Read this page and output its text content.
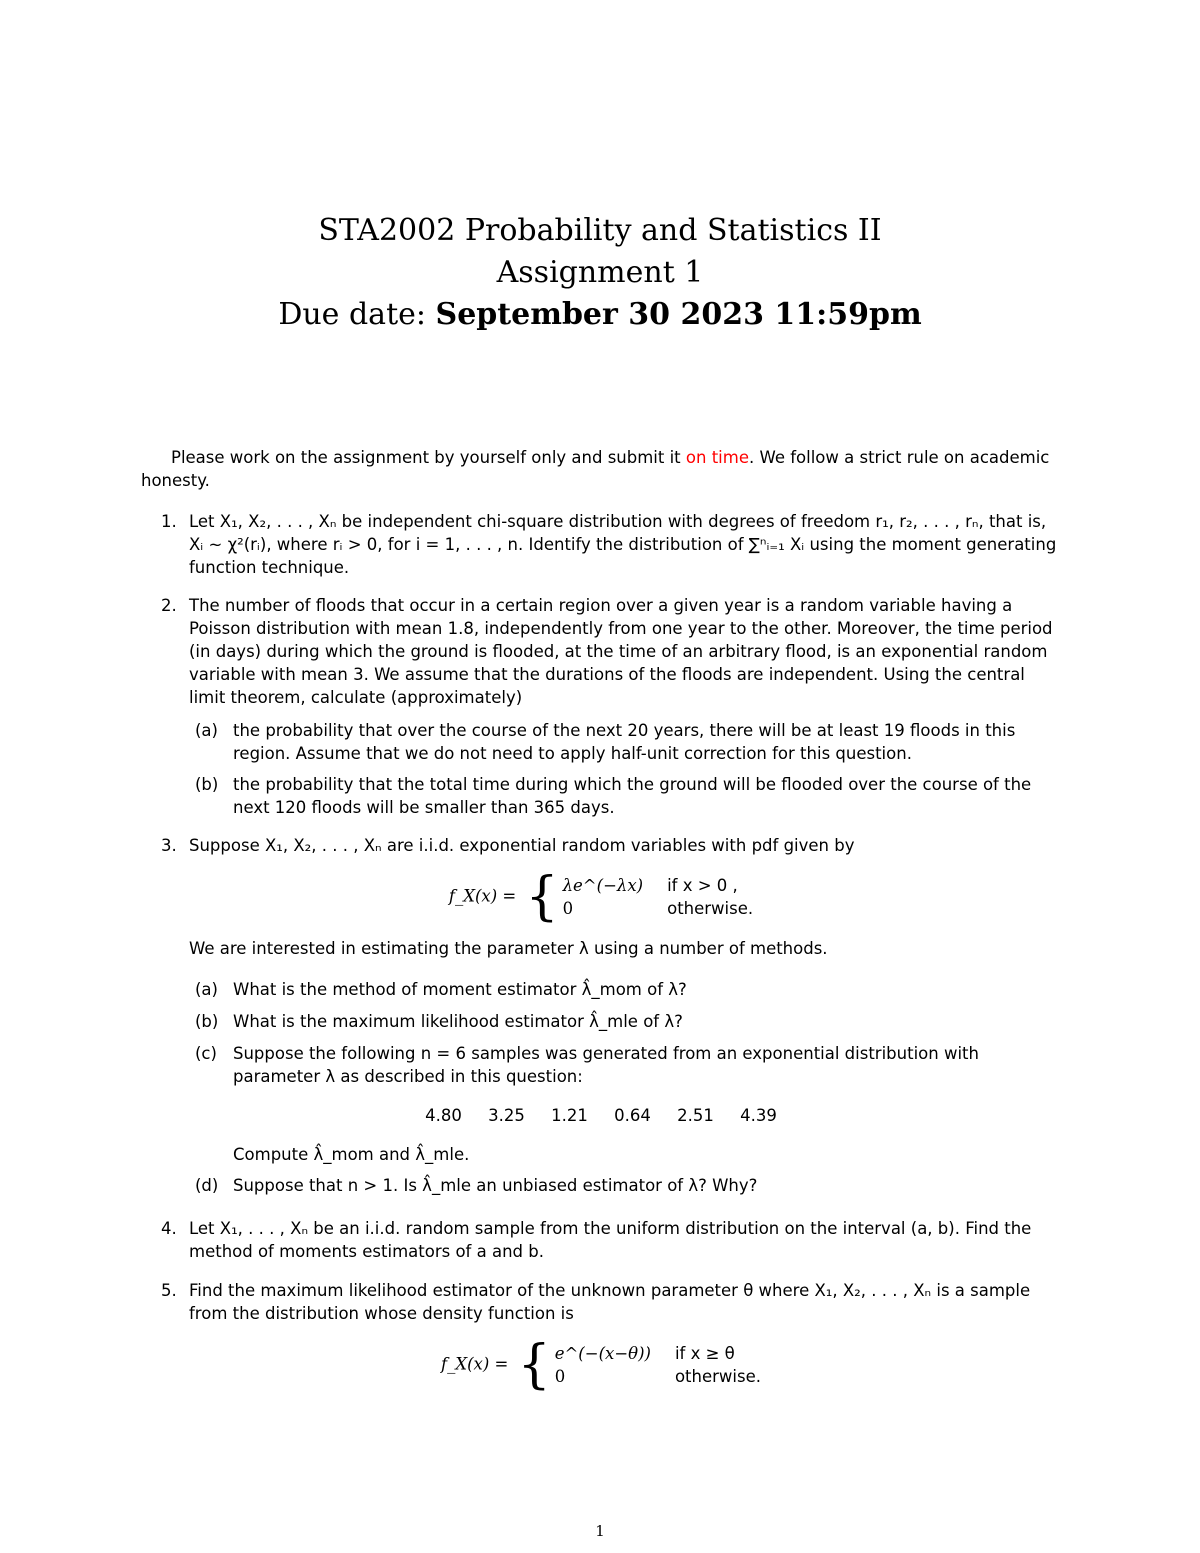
STA2002 Probability and Statistics II
Assignment 1
Due date: September 30 2023 11:59pm

Please work on the assignment by yourself only and submit it on time. We follow a strict rule on academic honesty.

1. Let X₁, X₂, . . . , Xₙ be independent chi-square distribution with degrees of freedom r₁, r₂, . . . , rₙ, that is, Xᵢ ∼ χ²(rᵢ), where rᵢ > 0, for i = 1, . . . , n. Identify the distribution of ∑ⁿᵢ₌₁ Xᵢ using the moment generating function technique.

2. The number of floods that occur in a certain region over a given year is a random variable having a Poisson distribution with mean 1.8, independently from one year to the other. Moreover, the time period (in days) during which the ground is flooded, at the time of an arbitrary flood, is an exponential random variable with mean 3. We assume that the durations of the floods are independent. Using the central limit theorem, calculate (approximately)

(a) the probability that over the course of the next 20 years, there will be at least 19 floods in this region. Assume that we do not need to apply half-unit correction for this question.

(b) the probability that the total time during which the ground will be flooded over the course of the next 120 floods will be smaller than 365 days.

3. Suppose X₁, X₂, . . . , Xₙ are i.i.d. exponential random variables with pdf given by

f_X(x) = { λe^(−λx) if x > 0 ,
0	otherwise.

We are interested in estimating the parameter λ using a number of methods.

(a) What is the method of moment estimator λ̂_mom of λ?

(b) What is the maximum likelihood estimator λ̂_mle of λ?

(c) Suppose the following n = 6 samples was generated from an exponential distribution with parameter λ as described in this question:

4.80 3.25 1.21 0.64 2.51 4.39

Compute λ̂_mom and λ̂_mle.

(d) Suppose that n > 1. Is λ̂_mle an unbiased estimator of λ? Why?

4. Let X₁, . . . , Xₙ be an i.i.d. random sample from the uniform distribution on the interval (a, b). Find the method of moments estimators of a and b.

5. Find the maximum likelihood estimator of the unknown parameter θ where X₁, X₂, . . . , Xₙ is a sample from the distribution whose density function is

f_X(x) = { e^(−(x−θ)) if x ≥ θ
0	otherwise.
1
